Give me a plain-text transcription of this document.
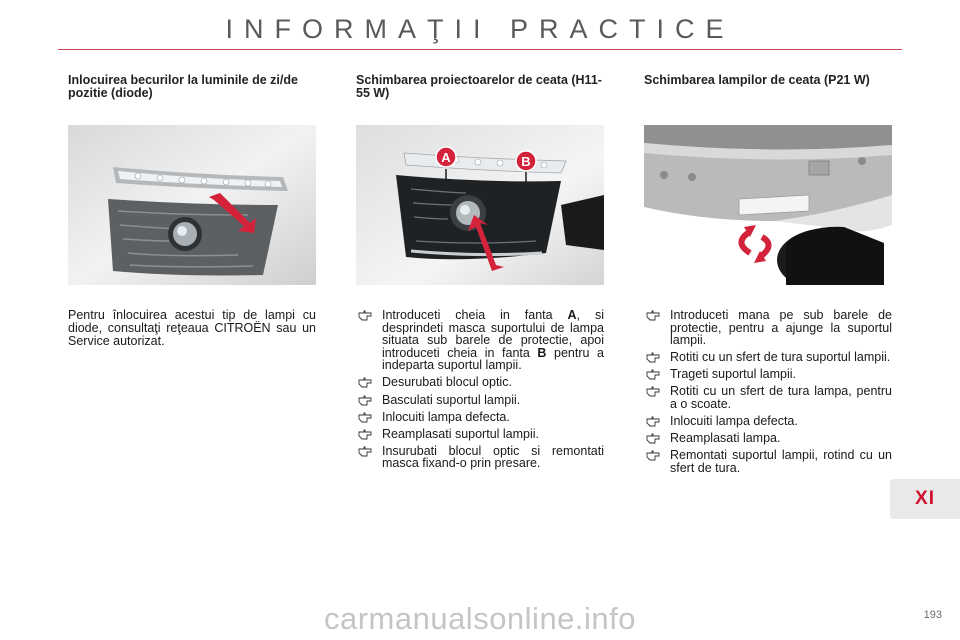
INFORMAŢII PRACTICE
Inlocuirea becurilor la luminile de zi/de pozitie (diode)
Schimbarea proiectoarelor de ceata (H11-55 W)
Schimbarea lampilor de ceata (P21 W)
A	B

Pentru înlocuirea acestui tip de lampi cu diode, consultaţi reţeaua CITROËN sau un Service autorizat.

Introduceti cheia in fanta A, si desprindeti masca suportului de lampa situata sub barele de protectie, apoi introduceti cheia in fanta B pentru a indeparta suportul lampii.
Desurubati blocul optic.
Basculati suportul lampii.
Inlocuiti lampa defecta.
Reamplasati suportul lampii.
Insurubati blocul optic si remontati masca fixand-o prin presare.
Introduceti mana pe sub barele de protectie, pentru a ajunge la suportul lampii.
Rotiti cu un sfert de tura suportul lampii.
Trageti suportul lampii.
Rotiti cu un sfert de tura lampa, pentru a o scoate.
Inlocuiti lampa defecta.
Reamplasati lampa.
Remontati suportul lampii, rotind cu un sfert de tura.
XI
carmanualsonline.info	193
